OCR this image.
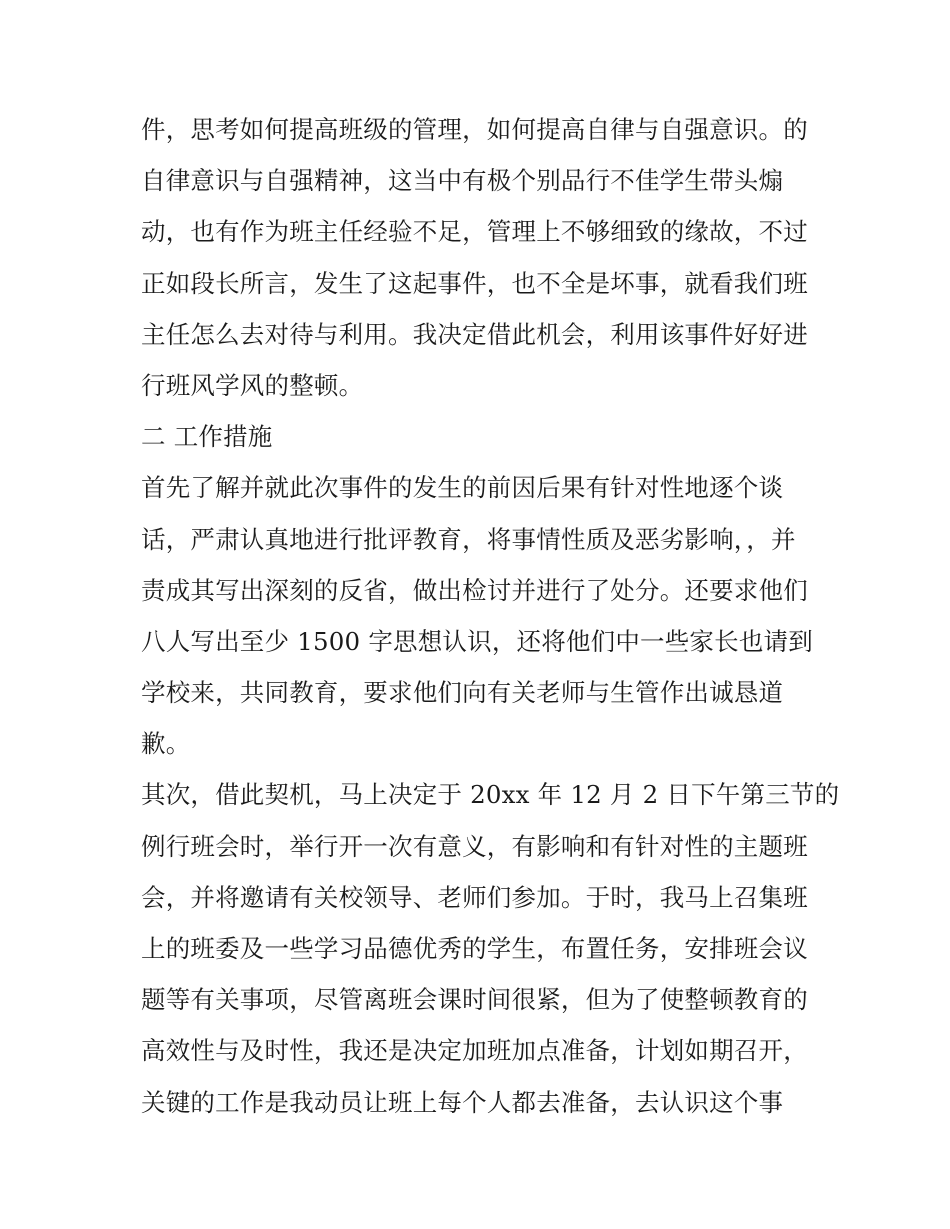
件，思考如何提高班级的管理，如何提高自律与自强意识。的
自律意识与自强精神，这当中有极个别品行不佳学生带头煽
动，也有作为班主任经验不足，管理上不够细致的缘故，不过
正如段长所言，发生了这起事件，也不全是坏事，就看我们班
主任怎么去对待与利用。我决定借此机会，利用该事件好好进
行班风学风的整顿。
二 工作措施
首先了解并就此次事件的发生的前因后果有针对性地逐个谈
话，严肃认真地进行批评教育，将事情性质及恶劣影响，，并
责成其写出深刻的反省，做出检讨并进行了处分。还要求他们
八人写出至少 1500 字思想认识，还将他们中一些家长也请到
学校来，共同教育，要求他们向有关老师与生管作出诚恳道
歉。
其次，借此契机，马上决定于 20xx 年 12 月 2 日下午第三节的
例行班会时，举行开一次有意义，有影响和有针对性的主题班
会，并将邀请有关校领导、老师们参加。于时，我马上召集班
上的班委及一些学习品德优秀的学生，布置任务，安排班会议
题等有关事项，尽管离班会课时间很紧，但为了使整顿教育的
高效性与及时性，我还是决定加班加点准备，计划如期召开，
关键的工作是我动员让班上每个人都去准备，去认识这个事
